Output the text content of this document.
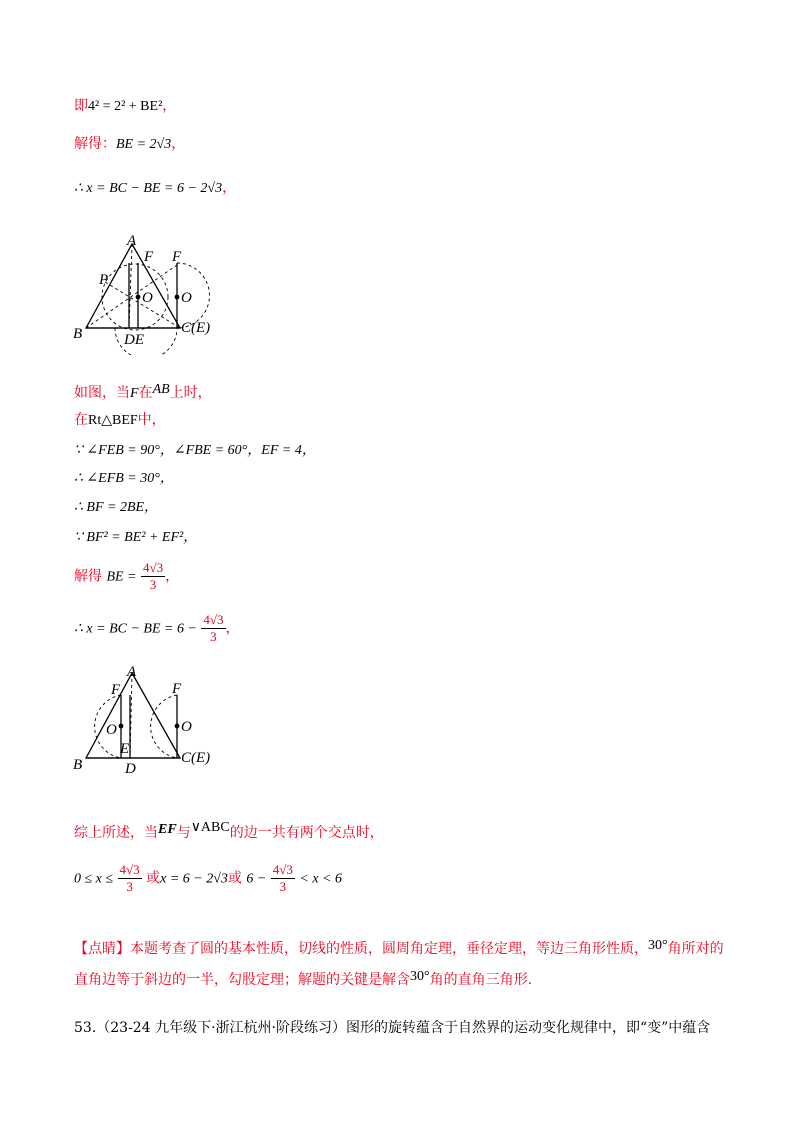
即4² = 2² + BE²，
解得：BE = 2√3，
∴ x = BC − BE = 6 − 2√3，
A
F F
P
O O
B	C(E)
DE
如图，当F在AB上时，
在Rt△BEF中，
∵ ∠FEB = 90°，∠FBE = 60°，EF = 4，
∴ ∠EFB = 30°，
∴ BF = 2BE，
∵ BF² = BE² + EF²，
解得 BE = $\frac{4√3}{3}$ ，
∴ x = BC − BE = $6 - \frac{4√3}{3}$ ，
A
F	F
O	O
E
B	D
C(E)
综上所述，当EF与∨ABC的边一共有两个交点时，
$0 \le x \le \frac{4√3}{3}$ 或x = 6 − 2√3或 $6 - \frac{4√3}{3} < x < 6$
【点睛】本题考查了圆的基本性质，切线的性质，圆周角定理，垂径定理，等边三角形性质，30°角所对的直角边等于斜边的一半，勾股定理；解题的关键是解含30°角的直角三角形.
53.（23-24 九年级下·浙江杭州·阶段练习）图形的旋转蕴含于自然界的运动变化规律中，即“变”中蕴含
